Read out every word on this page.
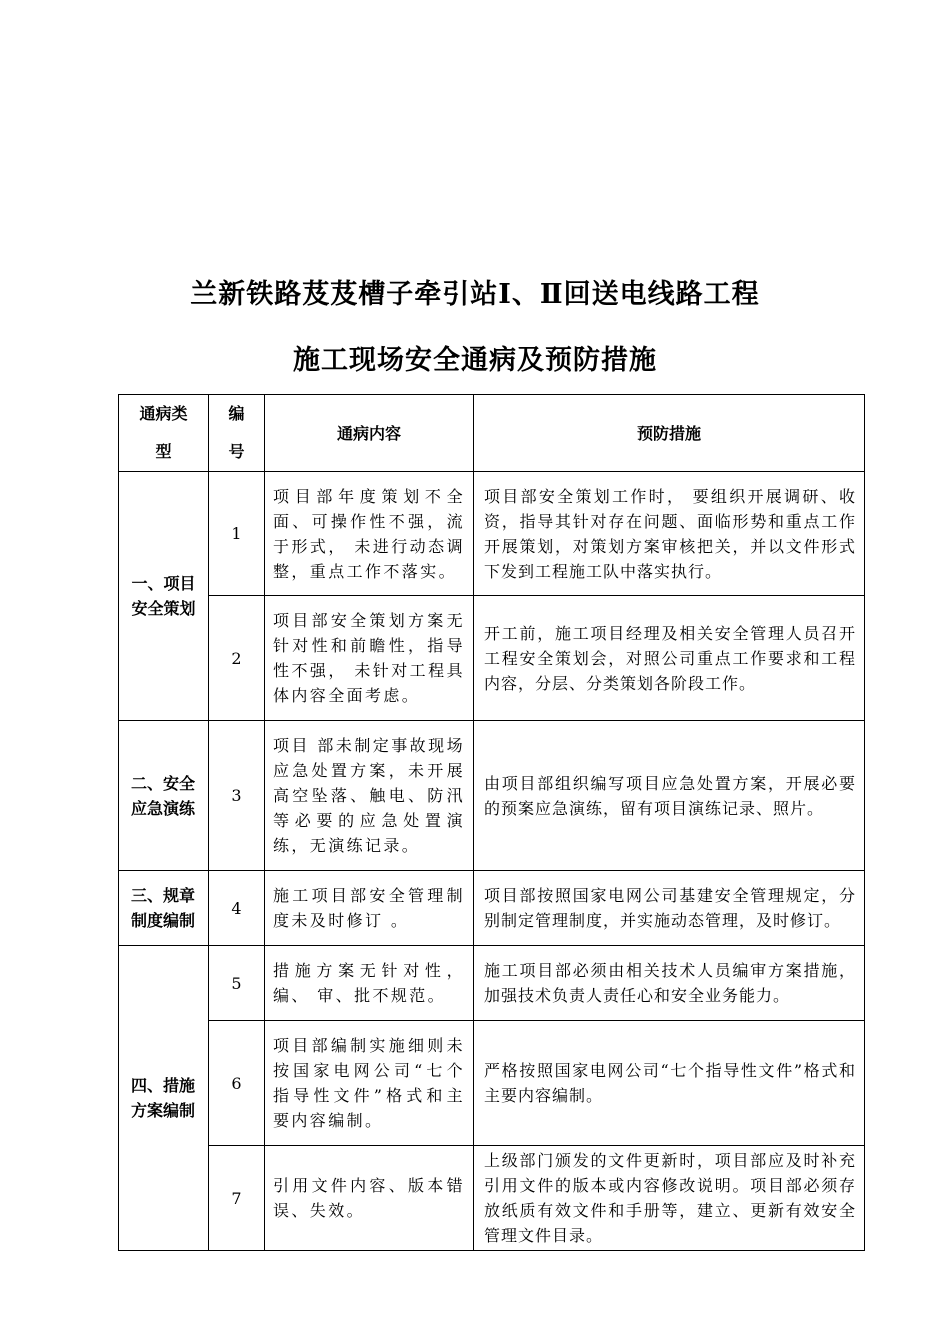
兰新铁路芨芨槽子牵引站Ⅰ、Ⅱ回送电线路工程
施工现场安全通病及预防措施
通病类型	编号	通病内容	预防措施
一、项目安全策划	1	项目部年度策划不全面、可操作性不强，流于形式， 未进行动态调整，重点工作不落实。	项目部安全策划工作时， 要组织开展调研、收资，指导其针对存在问题、面临形势和重点工作开展策划，对策划方案审核把关，并以文件形式下发到工程施工队中落实执行。
	2	项目部安全策划方案无针对性和前瞻性，指导性不强， 未针对工程具体内容全面考虑。	开工前，施工项目经理及相关安全管理人员召开工程安全策划会，对照公司重点工作要求和工程内容，分层、分类策划各阶段工作。
二、安全应急演练	3	项目 部未制定事故现场应急处置方案，未开展高空坠落、触电、防汛等必要的应急处置演练，无演练记录。	由项目部组织编写项目应急处置方案，开展必要的预案应急演练，留有项目演练记录、照片。
三、规章制度编制	4	施工项目部安全管理制度未及时修订 。	项目部按照国家电网公司基建安全管理规定，分别制定管理制度，并实施动态管理，及时修订。
四、措施方案编制	5	措施方案无针对性，编、 审、批不规范。	施工项目部必须由相关技术人员编审方案措施，加强技术负责人责任心和安全业务能力。
	6	项目部编制实施细则未按国家电网公司“七个指导性文件”格式和主要内容编制。	严格按照国家电网公司“七个指导性文件”格式和主要内容编制。
	7	引用文件内容、版本错误、失效。	上级部门颁发的文件更新时，项目部应及时补充引用文件的版本或内容修改说明。项目部必须存放纸质有效文件和手册等，建立、更新有效安全管理文件目录。
